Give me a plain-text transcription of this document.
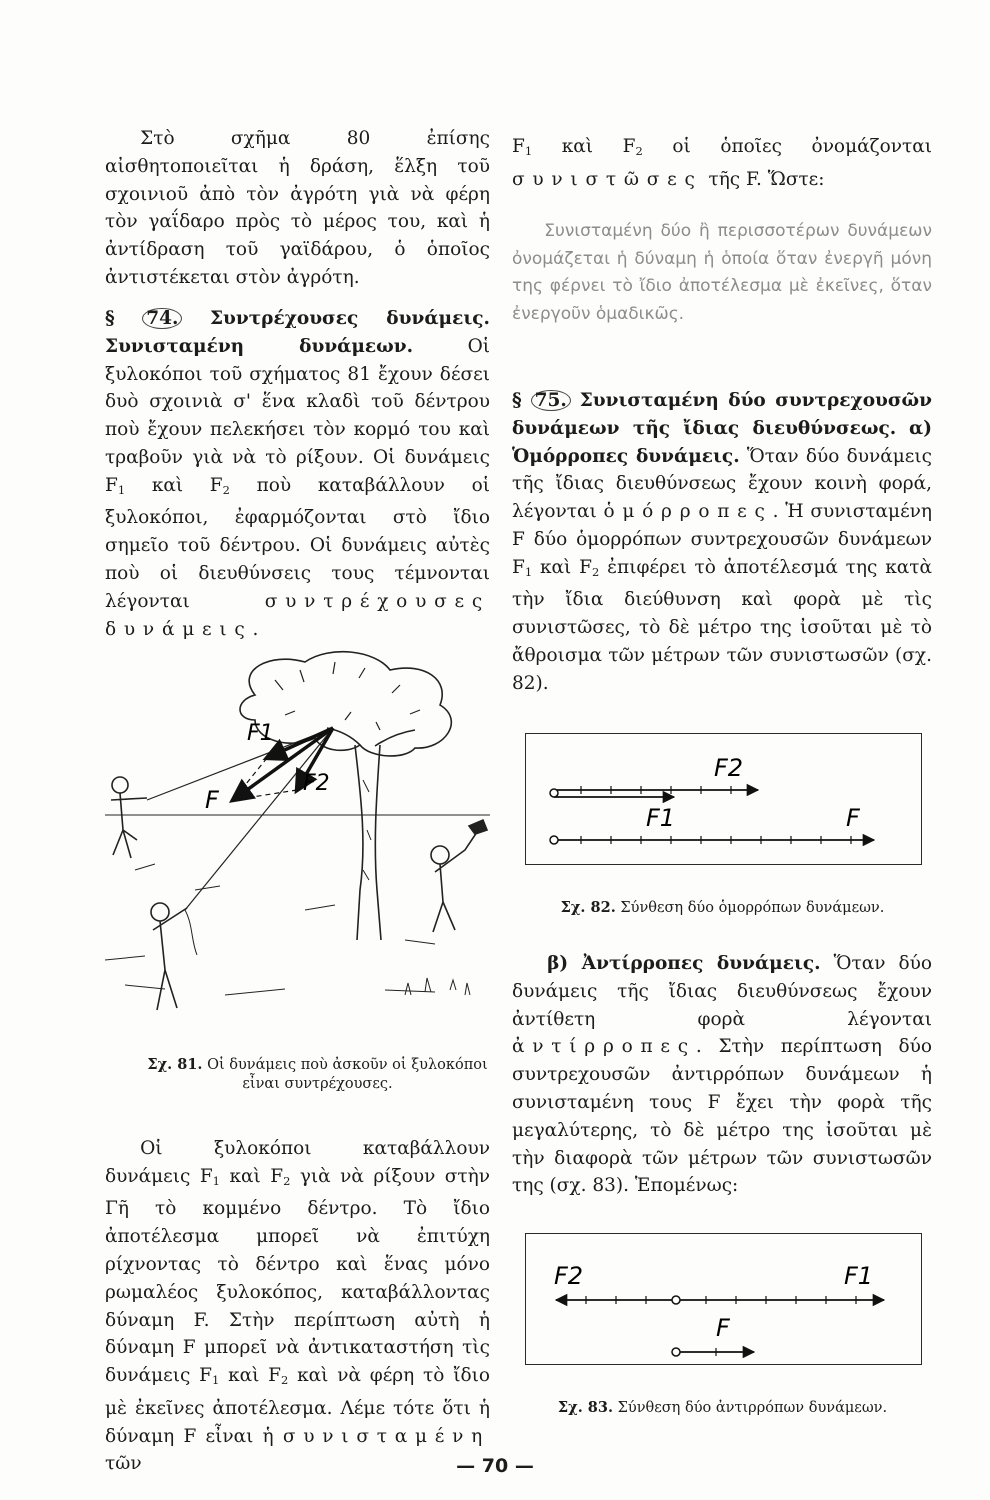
Στὸ σχῆμα 80 ἐπίσης αἰσθητοποιεῖται ἡ δράση, ἕλξη τοῦ σχοινιοῦ ἀπὸ τὸν ἀγρότη γιὰ νὰ φέρη τὸν γαΐδαρο πρὸς τὸ μέρος του, καὶ ἡ ἀντίδραση τοῦ γαϊδάρου, ὁ ὁποῖος ἀντιστέκεται στὸν ἀγρότη.

§ 74. Συντρέχουσες δυνάμεις. Συνισταμένη δυνάμεων.	Οἱ ξυλοκόποι τοῦ σχήματος 81 ἔχουν δέσει δυὸ σχοινιὰ σ' ἕνα κλαδὶ τοῦ δέντρου ποὺ ἔχουν πελεκήσει τὸν κορμό του καὶ τραβοῦν γιὰ νὰ τὸ ρίξουν. Οἱ δυνάμεις $F_1$ καὶ $F_2$ ποὺ καταβάλλουν οἱ ξυλοκόποι, ἐφαρμόζονται στὸ ἴδιο σημεῖο τοῦ δέντρου. Οἱ δυνάμεις αὐτὲς ποὺ οἱ διευθύνσεις τους τέμνονται λέγονται συντρέχουσες δυνάμεις.

F1
F2
F
Σχ. 81. Οἱ δυνάμεις ποὺ ἀσκοῦν οἱ ξυλοκόποι εἶναι συντρέχουσες.

Οἱ ξυλοκόποι καταβάλλουν δυνάμεις $F_1$ καὶ $F_2$ γιὰ νὰ ρίξουν στὴν Γῆ τὸ κομμένο δέντρο. Τὸ ἴδιο ἀποτέλεσμα μπορεῖ νὰ ἐπιτύχη ρίχνοντας τὸ δέντρο καὶ ἕνας μόνο ρωμαλέος ξυλοκόπος, καταβάλλοντας δύναμη F. Στὴν περίπτωση αὐτὴ ἡ δύναμη F μπορεῖ νὰ ἀντικαταστήση τὶς δυνάμεις $F_1$ καὶ $F_2$ καὶ νὰ φέρη τὸ ἴδιο μὲ ἐκεῖνες ἀποτέλεσμα. Λέμε τότε ὅτι ἡ δύναμη F εἶναι ἡ συνισταμένη τῶν

$F_1$ καὶ $F_2$ οἱ ὁποῖες ὀνομάζονται συνιστῶσες τῆς F. Ὥστε:

Συνισταμένη δύο ἢ περισσοτέρων δυνάμεων ὀνομάζεται ἡ δύναμη ἡ ὁποία ὅταν ἐνεργῆ μόνη της φέρνει τὸ ἴδιο ἀποτέλεσμα μὲ ἐκεῖνες, ὅταν ἐνεργοῦν ὁμαδικῶς.

§ 75. Συνισταμένη δύο συντρεχουσῶν δυνάμεων τῆς ἴδιας διευθύνσεως. α) Ὁμόρροπες δυνάμεις. Ὅταν δύο δυνάμεις τῆς ἴδιας διευθύνσεως ἔχουν κοινὴ φορά, λέγονται ὁμόρροπες. Ἡ συνισταμένη F δύο ὁμορρόπων συντρεχουσῶν δυνάμεων $F_1$ καὶ $F_2$ ἐπιφέρει τὸ ἀποτέλεσμά της κατὰ τὴν ἴδια διεύθυνση καὶ φορὰ μὲ τὶς συνιστῶσες, τὸ δὲ μέτρο της ἰσοῦται μὲ τὸ ἄθροισμα τῶν μέτρων τῶν συνιστωσῶν (σχ. 82).

F2
F1	F
Σχ. 82. Σύνθεση δύο ὁμορρόπων δυνάμεων.

β) Ἀντίρροπες δυνάμεις. Ὅταν δύο δυνάμεις τῆς ἴδιας διευθύνσεως ἔχουν ἀντίθετη φορὰ λέγονται ἀντίρροπες. Στὴν περίπτωση δύο συντρεχουσῶν ἀντιρρόπων δυνάμεων ἡ συνισταμένη τους F ἔχει τὴν φορὰ τῆς μεγαλύτερης, τὸ δὲ μέτρο της ἰσοῦται μὲ τὴν διαφορὰ τῶν μέτρων τῶν συνιστωσῶν της (σχ. 83). Ἑπομένως:

F2	F1
F
Σχ. 83. Σύνθεση δύο ἀντιρρόπων δυνάμεων.
— 70 —
